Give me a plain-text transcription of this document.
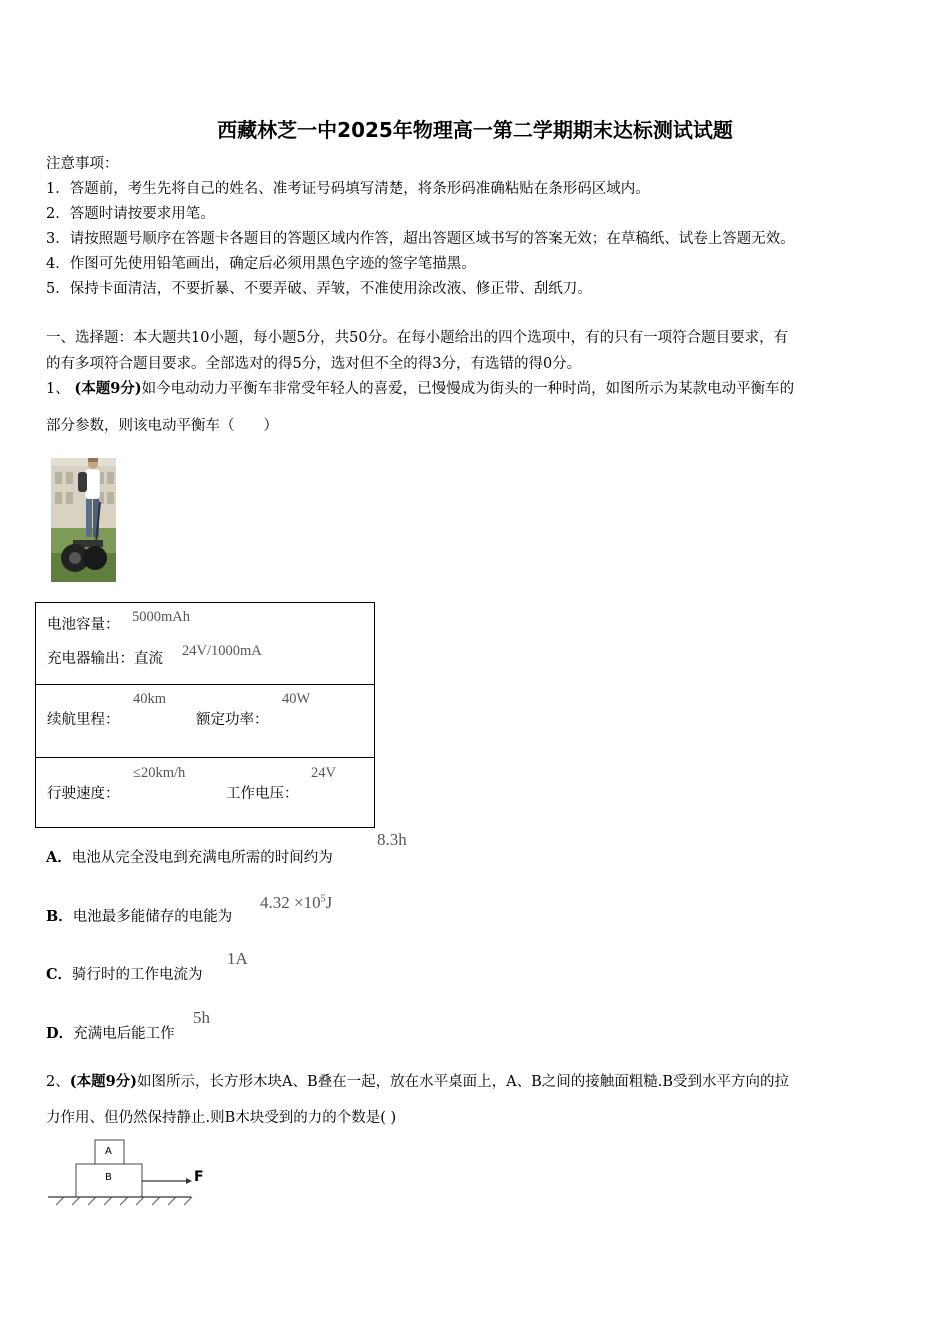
西藏林芝一中2025年物理高一第二学期期末达标测试试题
注意事项：
1．答题前，考生先将自己的姓名、准考证号码填写清楚，将条形码准确粘贴在条形码区域内。
2．答题时请按要求用笔。
3．请按照题号顺序在答题卡各题目的答题区域内作答，超出答题区域书写的答案无效；在草稿纸、试卷上答题无效。
4．作图可先使用铅笔画出，确定后必须用黑色字迹的签字笔描黑。
5．保持卡面清洁，不要折暴、不要弄破、弄皱，不准使用涂改液、修正带、刮纸刀。
一、选择题：本大题共10小题，每小题5分，共50分。在每小题给出的四个选项中，有的只有一项符合题目要求，有
的有多项符合题目要求。全部选对的得5分，选对但不全的得3分，有选错的得0分。
1、 (本题9分)如今电动动力平衡车非常受年轻人的喜爱，已慢慢成为街头的一种时尚，如图所示为某款电动平衡车的
部分参数，则该电动平衡车（　　）
电池容量： 5000mAh
充电器输出：直流 24V/1000mA
续航里程：
40km
额定功率：
40W
行驶速度：
≤20km/h
工作电压：
24V
A．电池从完全没电到充满电所需的时间约为
8.3h
B．电池最多能储存的电能为
$4.32 \times 10^5J$
C．骑行时的工作电流为
1A
D．充满电后能工作
5h
2、(本题9分)如图所示，长方形木块A、B叠在一起，放在水平桌面上，A、B之间的接触面粗糙.B受到水平方向的拉
力作用、但仍然保持静止.则B木块受到的力的个数是( )
A
B	F
